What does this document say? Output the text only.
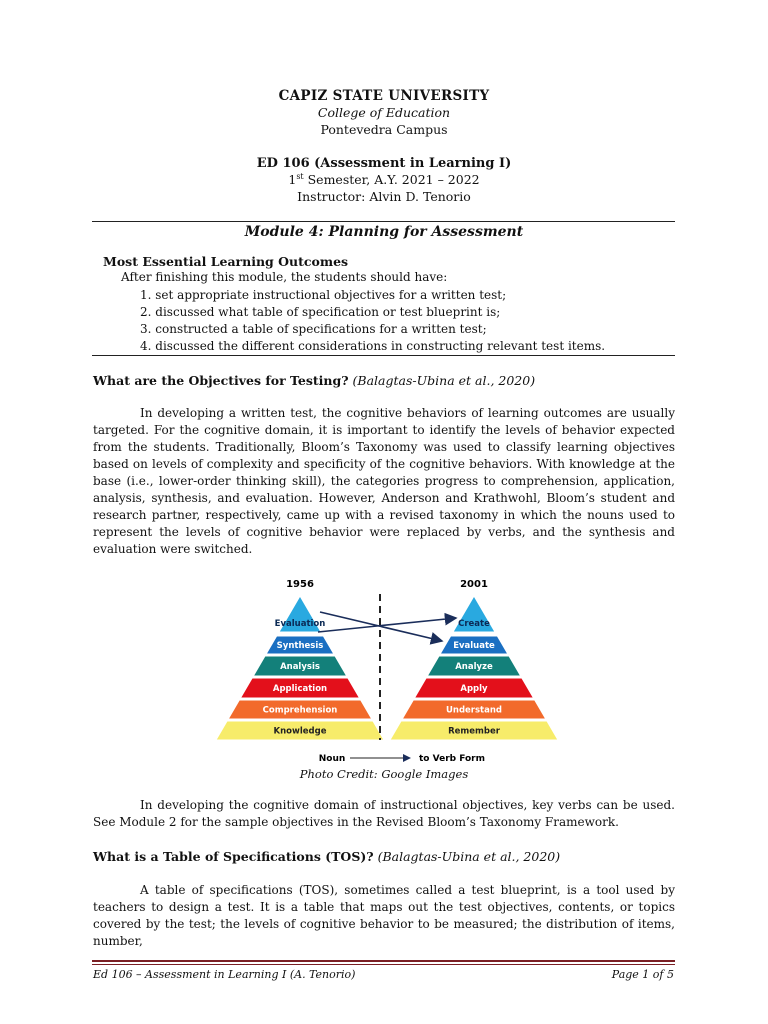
CAPIZ STATE UNIVERSITY
College of Education
Pontevedra Campus
ED 106 (Assessment in Learning I)
1st Semester, A.Y. 2021 – 2022
Instructor: Alvin D. Tenorio
Module 4: Planning for Assessment
Most Essential Learning Outcomes
After finishing this module, the students should have:
1. set appropriate instructional objectives for a written test;
2. discussed what table of specification or test blueprint is;
3. constructed a table of specifications for a written test;
4. discussed the different considerations in constructing relevant test items.
What are the Objectives for Testing? (Balagtas-Ubina et al., 2020)

In developing a written test, the cognitive behaviors of learning outcomes are usually targeted. For the cognitive domain, it is important to identify the levels of behavior expected from the students. Traditionally, Bloom’s Taxonomy was used to classify learning objectives based on levels of complexity and specificity of the cognitive behaviors. With knowledge at the base (i.e., lower-order thinking skill), the categories progress to comprehension, application, analysis, synthesis, and evaluation. However, Anderson and Krathwohl, Bloom’s student and research partner, respectively, came up with a revised taxonomy in which the nouns used to represent the levels of cognitive behavior were replaced by verbs, and the synthesis and evaluation were switched.

1956	2001
Evaluation
Synthesis
Analysis
Application
Comprehension
Knowledge
Create
Evaluate
Analyze
Apply
Understand
Remember
Noun	to Verb Form
Photo Credit: Google Images

In developing the cognitive domain of instructional objectives, key verbs can be used. See Module 2 for the sample objectives in the Revised Bloom’s Taxonomy Framework.

What is a Table of Specifications (TOS)? (Balagtas-Ubina et al., 2020)

A table of specifications (TOS), sometimes called a test blueprint, is a tool used by teachers to design a test. It is a table that maps out the test objectives, contents, or topics covered by the test; the levels of cognitive behavior to be measured; the distribution of items, number,

Ed 106 – Assessment in Learning I (A. Tenorio)	Page 1 of 5
